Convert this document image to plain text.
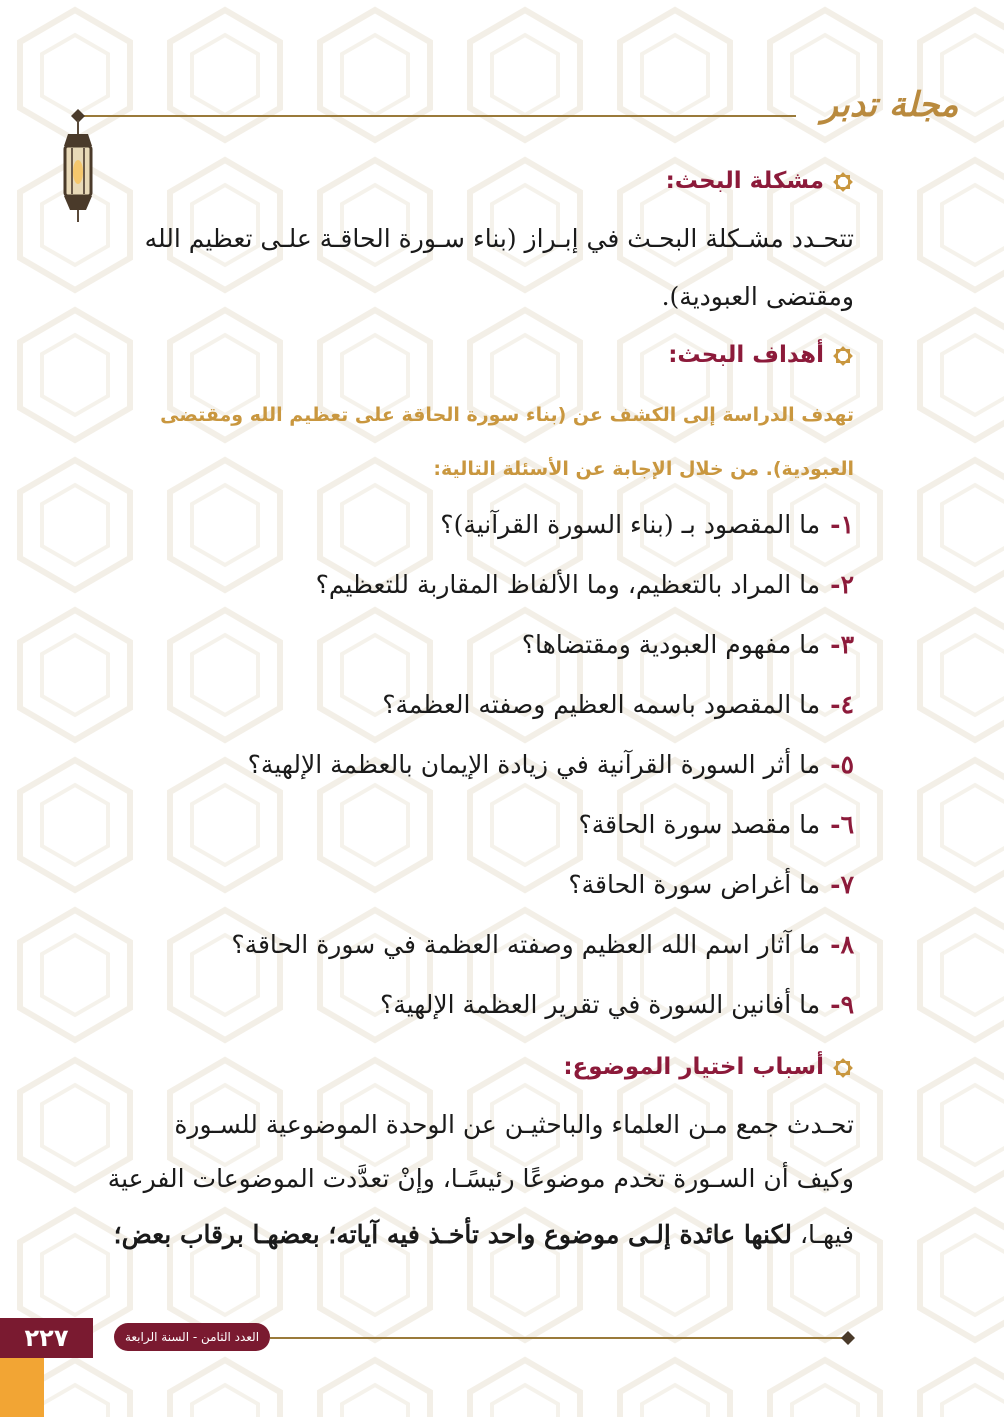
مجلة تدبر
مشكلة البحث:
تتحـدد مشـكلة البحـث في إبـراز (بناء سـورة الحاقـة علـى تعظيم الله
ومقتضى العبودية).
أهداف البحث:
تهدف الدراسة إلى الكشف عن (بناء سورة الحاقة على تعظيم الله ومقتضى
العبودية). من خلال الإجابة عن الأسئلة التالية:
١-ما المقصود بـ (بناء السورة القرآنية)؟
٢-ما المراد بالتعظيم، وما الألفاظ المقاربة للتعظيم؟
٣-ما مفهوم العبودية ومقتضاها؟
٤-ما المقصود باسمه العظيم وصفته العظمة؟
٥-ما أثر السورة القرآنية في زيادة الإيمان بالعظمة الإلهية؟
٦-ما مقصد سورة الحاقة؟
٧-ما أغراض سورة الحاقة؟
٨-ما آثار اسم الله العظيم وصفته العظمة في سورة الحاقة؟
٩-ما أفانين السورة في تقرير العظمة الإلهية؟
أسباب اختيار الموضوع:
تحـدث جمع مـن العلماء والباحثيـن عن الوحدة الموضوعية للسـورة
وكيف أن السـورة تخدم موضوعًا رئيسًـا، وإنْ تعدَّدت الموضوعات الفرعية
فيهـا، لكنها عائدة إلـى موضوع واحد تأخـذ فيه آياته؛ بعضهـا برقاب بعض؛
٢٢٧	العدد الثامن - السنة الرابعة
